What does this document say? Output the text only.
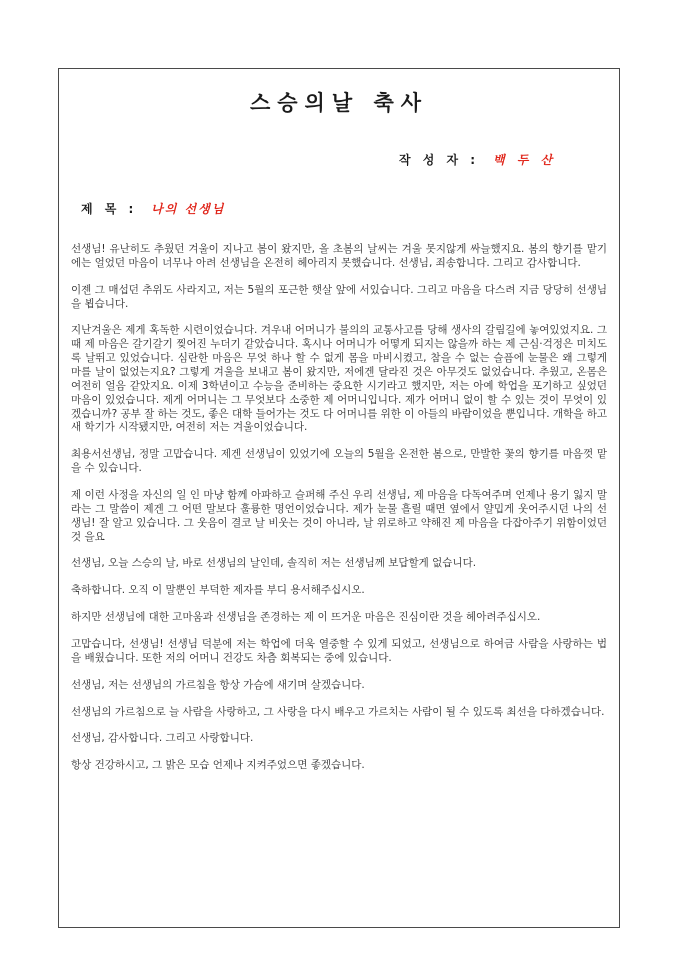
스승의날 축사
작 성 자 : 백 두 산
제 목 : 나의 선생님

선생님! 유난히도 추웠던 겨울이 지나고 봄이 왔지만, 올 초봄의 날씨는 겨울 못지않게 싸늘했지요. 봄의 향기를 맡기에는 얼었던 마음이 너무나 아려 선생님을 온전히 헤아리지 못했습니다. 선생님, 죄송합니다. 그리고 감사합니다.

이젠 그 매섭던 추위도 사라지고, 저는 5월의 포근한 햇살 앞에 서있습니다. 그리고 마음을 다스려 지금 당당히 선생님을 뵙습니다.

지난겨울은 제게 혹독한 시련이었습니다. 겨우내 어머니가 불의의 교통사고를 당해 생사의 갈림길에 놓여있었지요. 그때 제 마음은 갈기갈기 찢어진 누더기 같았습니다. 혹시나 어머니가 어떻게 되지는 않을까 하는 제 근심·걱정은 미치도록 날뛰고 있었습니다. 심란한 마음은 무엇 하나 할 수 없게 몸을 마비시켰고, 참을 수 없는 슬픔에 눈물은 왜 그렇게 마를 날이 없었는지요? 그렇게 겨울을 보내고 봄이 왔지만, 저에겐 달라진 것은 아무것도 없었습니다. 추웠고, 온몸은 여전히 얼음 같았지요. 이제 3학년이고 수능을 준비하는 중요한 시기라고 했지만, 저는 아예 학업을 포기하고 싶었던 마음이 있었습니다. 제게 어머니는 그 무엇보다 소중한 제 어머니입니다. 제가 어머니 없이 할 수 있는 것이 무엇이 있겠습니까? 공부 잘 하는 것도, 좋은 대학 들어가는 것도 다 어머니를 위한 이 아들의 바람이었을 뿐입니다. 개학을 하고 새 학기가 시작됐지만, 여전히 저는 겨울이었습니다.

최용서선생님, 정말 고맙습니다. 제겐 선생님이 있었기에 오늘의 5월을 온전한 봄으로, 만발한 꽃의 향기를 마음껏 맡을 수 있습니다.

제 이런 사정을 자신의 일 인 마냥 함께 아파하고 슬퍼해 주신 우리 선생님, 제 마음을 다독여주며 언제나 용기 잃지 말라는 그 말씀이 제겐 그 어떤 말보다 훌륭한 명언이었습니다. 제가 눈물 흘릴 때면 옆에서 얄밉게 웃어주시던 나의 선생님! 잘 알고 있습니다. 그 웃음이 결코 날 비웃는 것이 아니라, 날 위로하고 약해진 제 마음을 다잡아주기 위함이었던 것 을요

선생님, 오늘 스승의 날, 바로 선생님의 날인데, 솔직히 저는 선생님께 보답할게 없습니다.

축하합니다. 오직 이 말뿐인 부덕한 제자를 부디 용서해주십시오.

하지만 선생님에 대한 고마움과 선생님을 존경하는 제 이 뜨거운 마음은 진심이란 것을 헤아려주십시오.

고맙습니다, 선생님! 선생님 덕분에 저는 학업에 더욱 열중할 수 있게 되었고, 선생님으로 하여금 사람을 사랑하는 법을 배웠습니다. 또한 저의 어머니 건강도 차츰 회복되는 중에 있습니다.

선생님, 저는 선생님의 가르침을 항상 가슴에 새기며 살겠습니다.

선생님의 가르침으로 늘 사람을 사랑하고, 그 사랑을 다시 배우고 가르치는 사람이 될 수 있도록 최선을 다하겠습니다.

선생님, 감사합니다. 그리고 사랑합니다.

항상 건강하시고, 그 밝은 모습 언제나 지켜주었으면 좋겠습니다.
